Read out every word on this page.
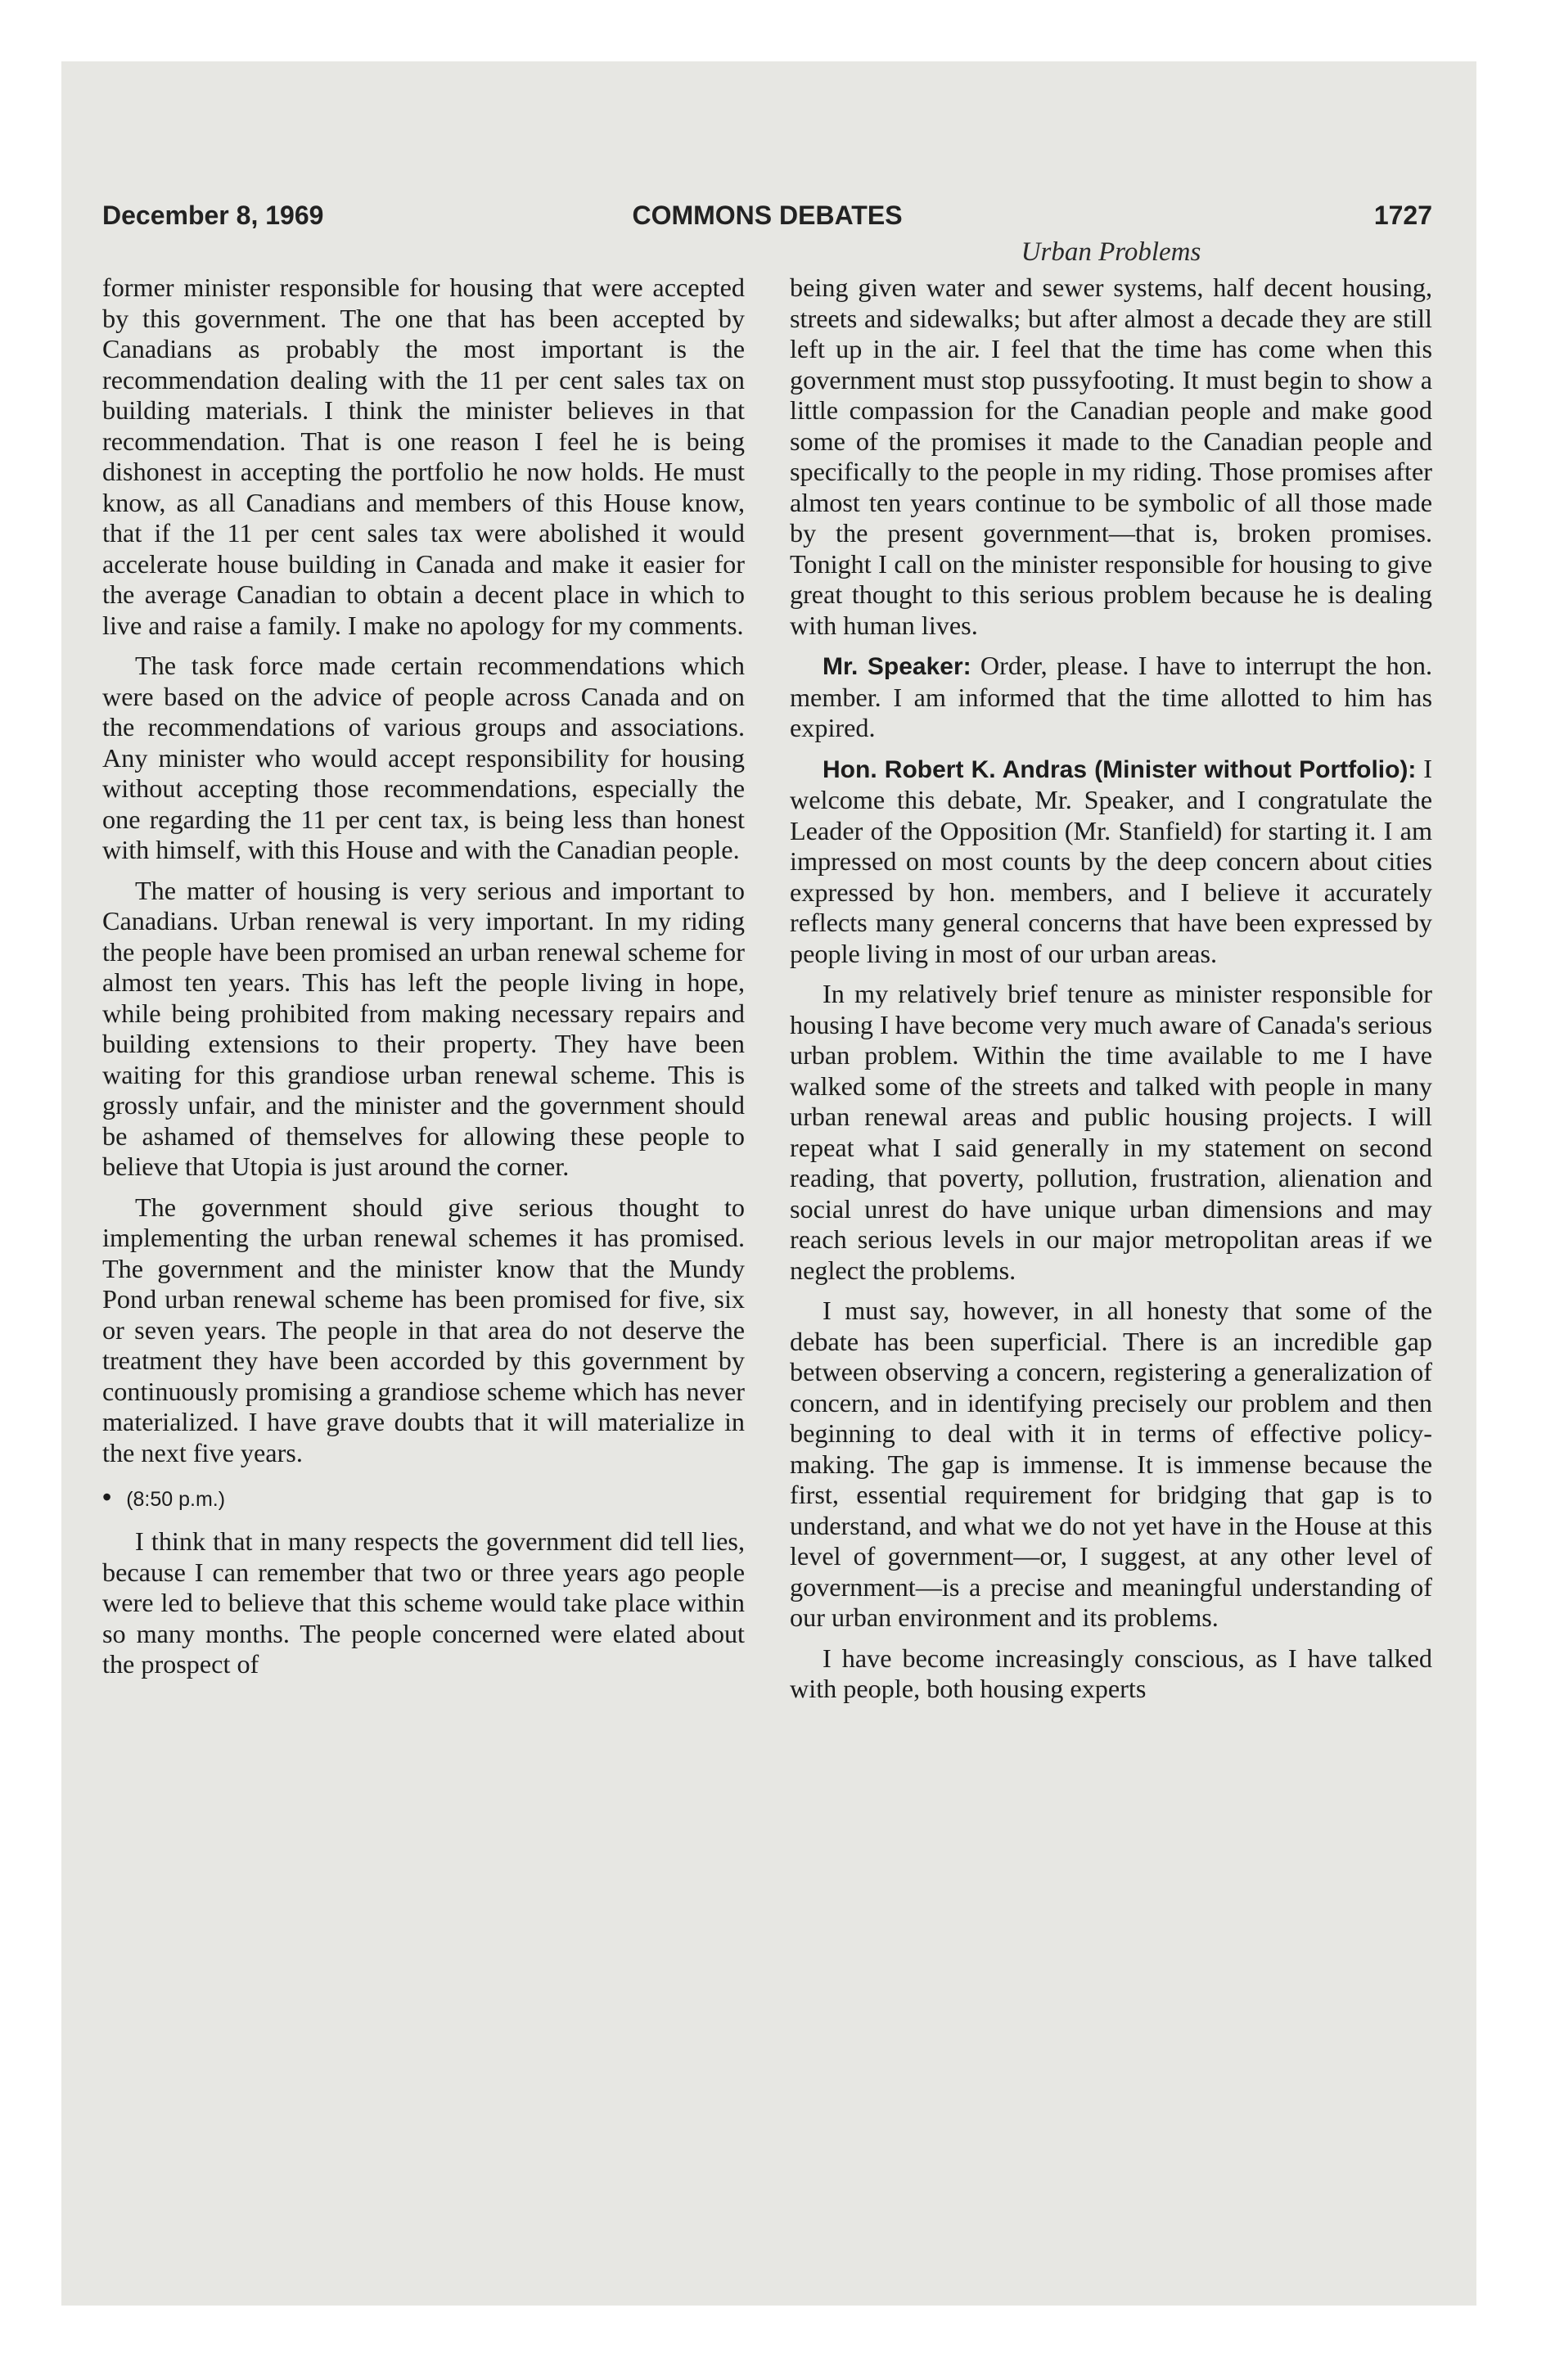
December 8, 1969	COMMONS DEBATES	1727
Urban Problems

former minister responsible for housing that were accepted by this government. The one that has been accepted by Canadians as probably the most important is the recommendation dealing with the 11 per cent sales tax on building materials. I think the minister believes in that recommendation. That is one reason I feel he is being dishonest in accepting the portfolio he now holds. He must know, as all Canadians and members of this House know, that if the 11 per cent sales tax were abolished it would accelerate house building in Canada and make it easier for the average Canadian to obtain a decent place in which to live and raise a family. I make no apology for my comments.

The task force made certain recommendations which were based on the advice of people across Canada and on the recommendations of various groups and associations. Any minister who would accept responsibility for housing without accepting those recommendations, especially the one regarding the 11 per cent tax, is being less than honest with himself, with this House and with the Canadian people.

The matter of housing is very serious and important to Canadians. Urban renewal is very important. In my riding the people have been promised an urban renewal scheme for almost ten years. This has left the people living in hope, while being prohibited from making necessary repairs and building extensions to their property. They have been waiting for this grandiose urban renewal scheme. This is grossly unfair, and the minister and the government should be ashamed of themselves for allowing these people to believe that Utopia is just around the corner.

The government should give serious thought to implementing the urban renewal schemes it has promised. The government and the minister know that the Mundy Pond urban renewal scheme has been promised for five, six or seven years. The people in that area do not deserve the treatment they have been accorded by this government by continuously promising a grandiose scheme which has never materialized. I have grave doubts that it will materialize in the next five years.

• (8:50 p.m.)

I think that in many respects the government did tell lies, because I can remember that two or three years ago people were led to believe that this scheme would take place within so many months. The people concerned were elated about the prospect of

being given water and sewer systems, half decent housing, streets and sidewalks; but after almost a decade they are still left up in the air. I feel that the time has come when this government must stop pussyfooting. It must begin to show a little compassion for the Canadian people and make good some of the promises it made to the Canadian people and specifically to the people in my riding. Those promises after almost ten years continue to be symbolic of all those made by the present government—that is, broken promises. Tonight I call on the minister responsible for housing to give great thought to this serious problem because he is dealing with human lives.

Mr. Speaker: Order, please. I have to interrupt the hon. member. I am informed that the time allotted to him has expired.

Hon. Robert K. Andras (Minister without Portfolio): I welcome this debate, Mr. Speaker, and I congratulate the Leader of the Opposition (Mr. Stanfield) for starting it. I am impressed on most counts by the deep concern about cities expressed by hon. members, and I believe it accurately reflects many general concerns that have been expressed by people living in most of our urban areas.

In my relatively brief tenure as minister responsible for housing I have become very much aware of Canada's serious urban problem. Within the time available to me I have walked some of the streets and talked with people in many urban renewal areas and public housing projects. I will repeat what I said generally in my statement on second reading, that poverty, pollution, frustration, alienation and social unrest do have unique urban dimensions and may reach serious levels in our major metropolitan areas if we neglect the problems.

I must say, however, in all honesty that some of the debate has been superficial. There is an incredible gap between observing a concern, registering a generalization of concern, and in identifying precisely our problem and then beginning to deal with it in terms of effective policy-making. The gap is immense. It is immense because the first, essential requirement for bridging that gap is to understand, and what we do not yet have in the House at this level of government—or, I suggest, at any other level of government—is a precise and meaningful understanding of our urban environment and its problems.

I have become increasingly conscious, as I have talked with people, both housing experts
